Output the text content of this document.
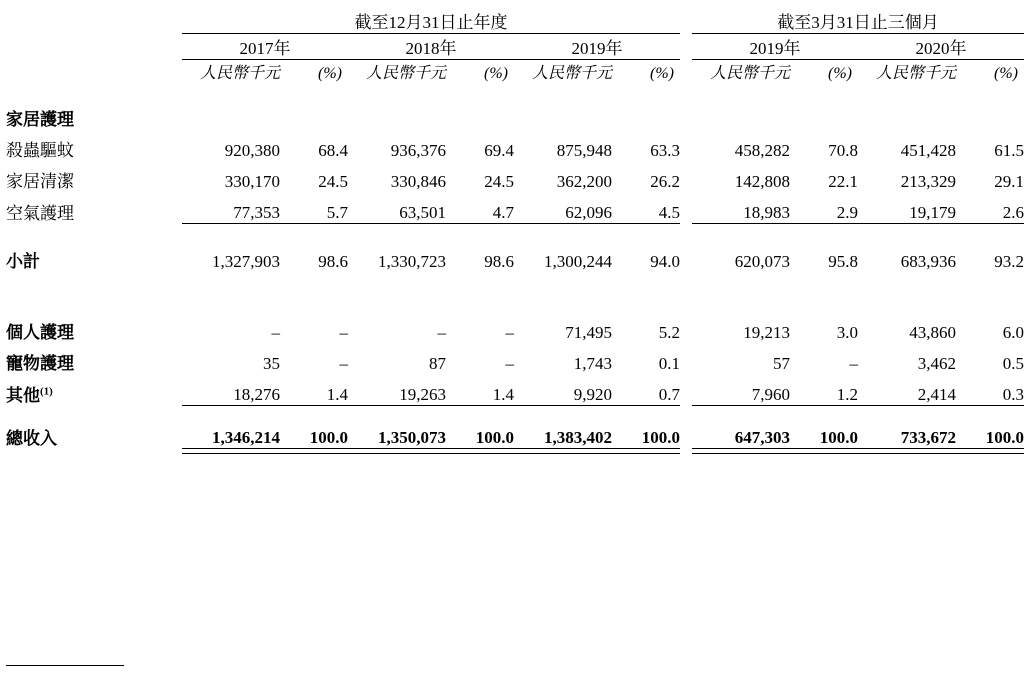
	截至12月31日止年度							截至3月31日止三個月			
	2017年		2018年		2019年			2019年		2020年	
	人民幣千元	(%)	人民幣千元	(%)	人民幣千元	(%)		人民幣千元	(%)	人民幣千元	(%)

家居護理											
殺蟲驅蚊	920,380	68.4	936,376	69.4	875,948	63.3		458,282	70.8	451,428	61.5
家居清潔	330,170	24.5	330,846	24.5	362,200	26.2		142,808	22.1	213,329	29.1
空氣護理	77,353	5.7	63,501	4.7	62,096	4.5		18,983	2.9	19,179	2.6

小計	1,327,903	98.6	1,330,723	98.6	1,300,244	94.0		620,073	95.8	683,936	93.2

個人護理	–	–	–	–	71,495	5.2		19,213	3.0	43,860	6.0
寵物護理	35	–	87	–	1,743	0.1		57	–	3,462	0.5
其他$^{(1)}$	18,276	1.4	19,263	1.4	9,920	0.7		7,960	1.2	2,414	0.3

總收入	1,346,214	100.0	1,350,073	100.0	1,383,402	100.0		647,303	100.0	733,672	100.0
